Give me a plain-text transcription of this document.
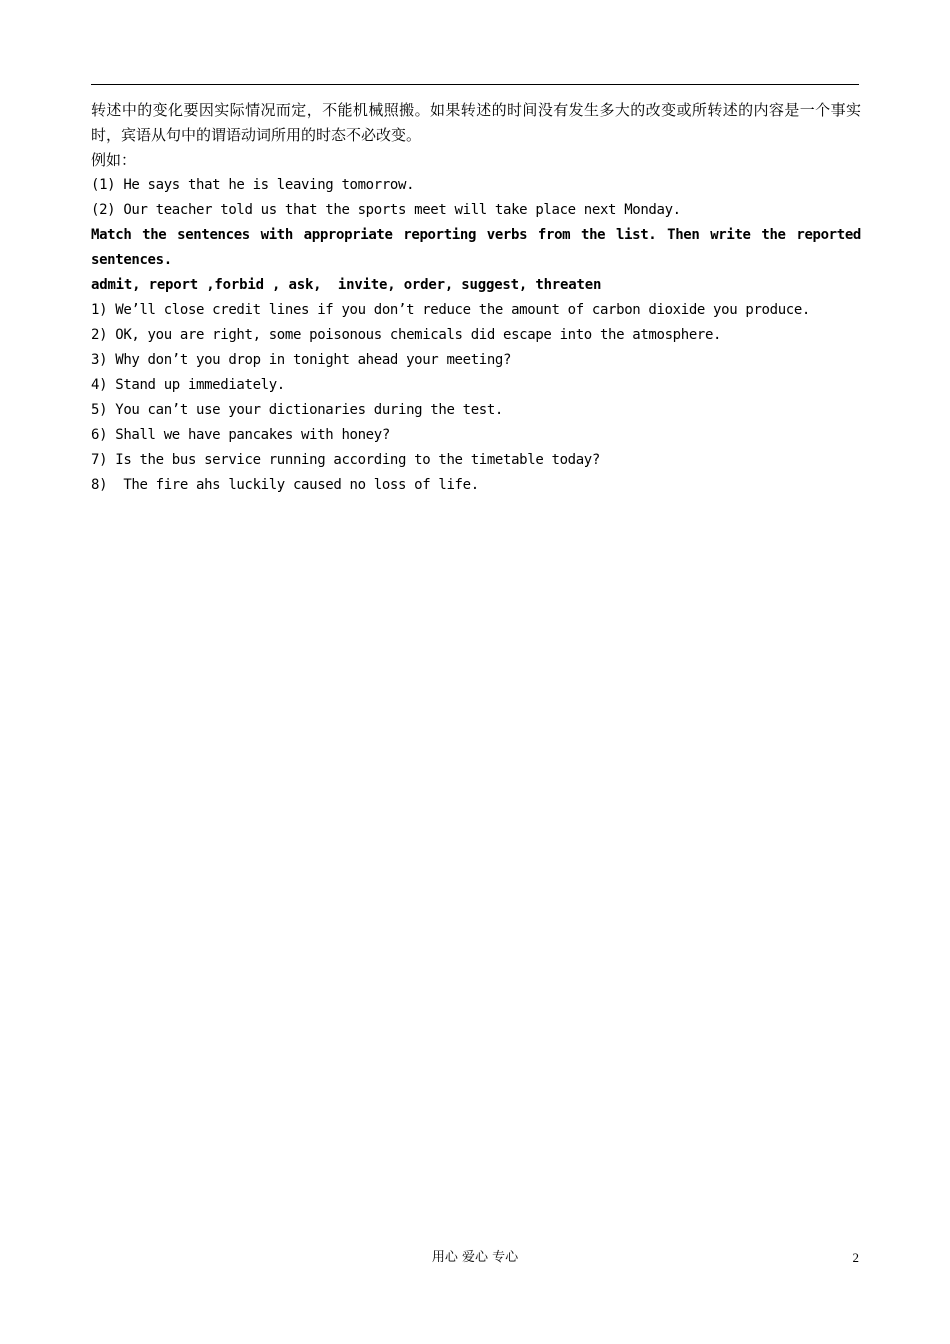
转述中的变化要因实际情况而定，不能机械照搬。如果转述的时间没有发生多大的改变或所转述的内容是一个事实时，宾语从句中的谓语动词所用的时态不必改变。
例如：
(1) He says that he is leaving tomorrow.
(2) Our teacher told us that the sports meet will take place next Monday.
Match the sentences with appropriate reporting verbs from the list. Then write the reported sentences.
admit, report ,forbid , ask,  invite, order, suggest, threaten
1) We’ll close credit lines if you don’t reduce the amount of carbon dioxide you produce.
2) OK, you are right, some poisonous chemicals did escape into the atmosphere.
3) Why don’t you drop in tonight ahead your meeting?
4) Stand up immediately.
5) You can’t use your dictionaries during the test.
6) Shall we have pancakes with honey?
7) Is the bus service running according to the timetable today?
8)  The fire ahs luckily caused no loss of life.
用心 爱心 专心	2
